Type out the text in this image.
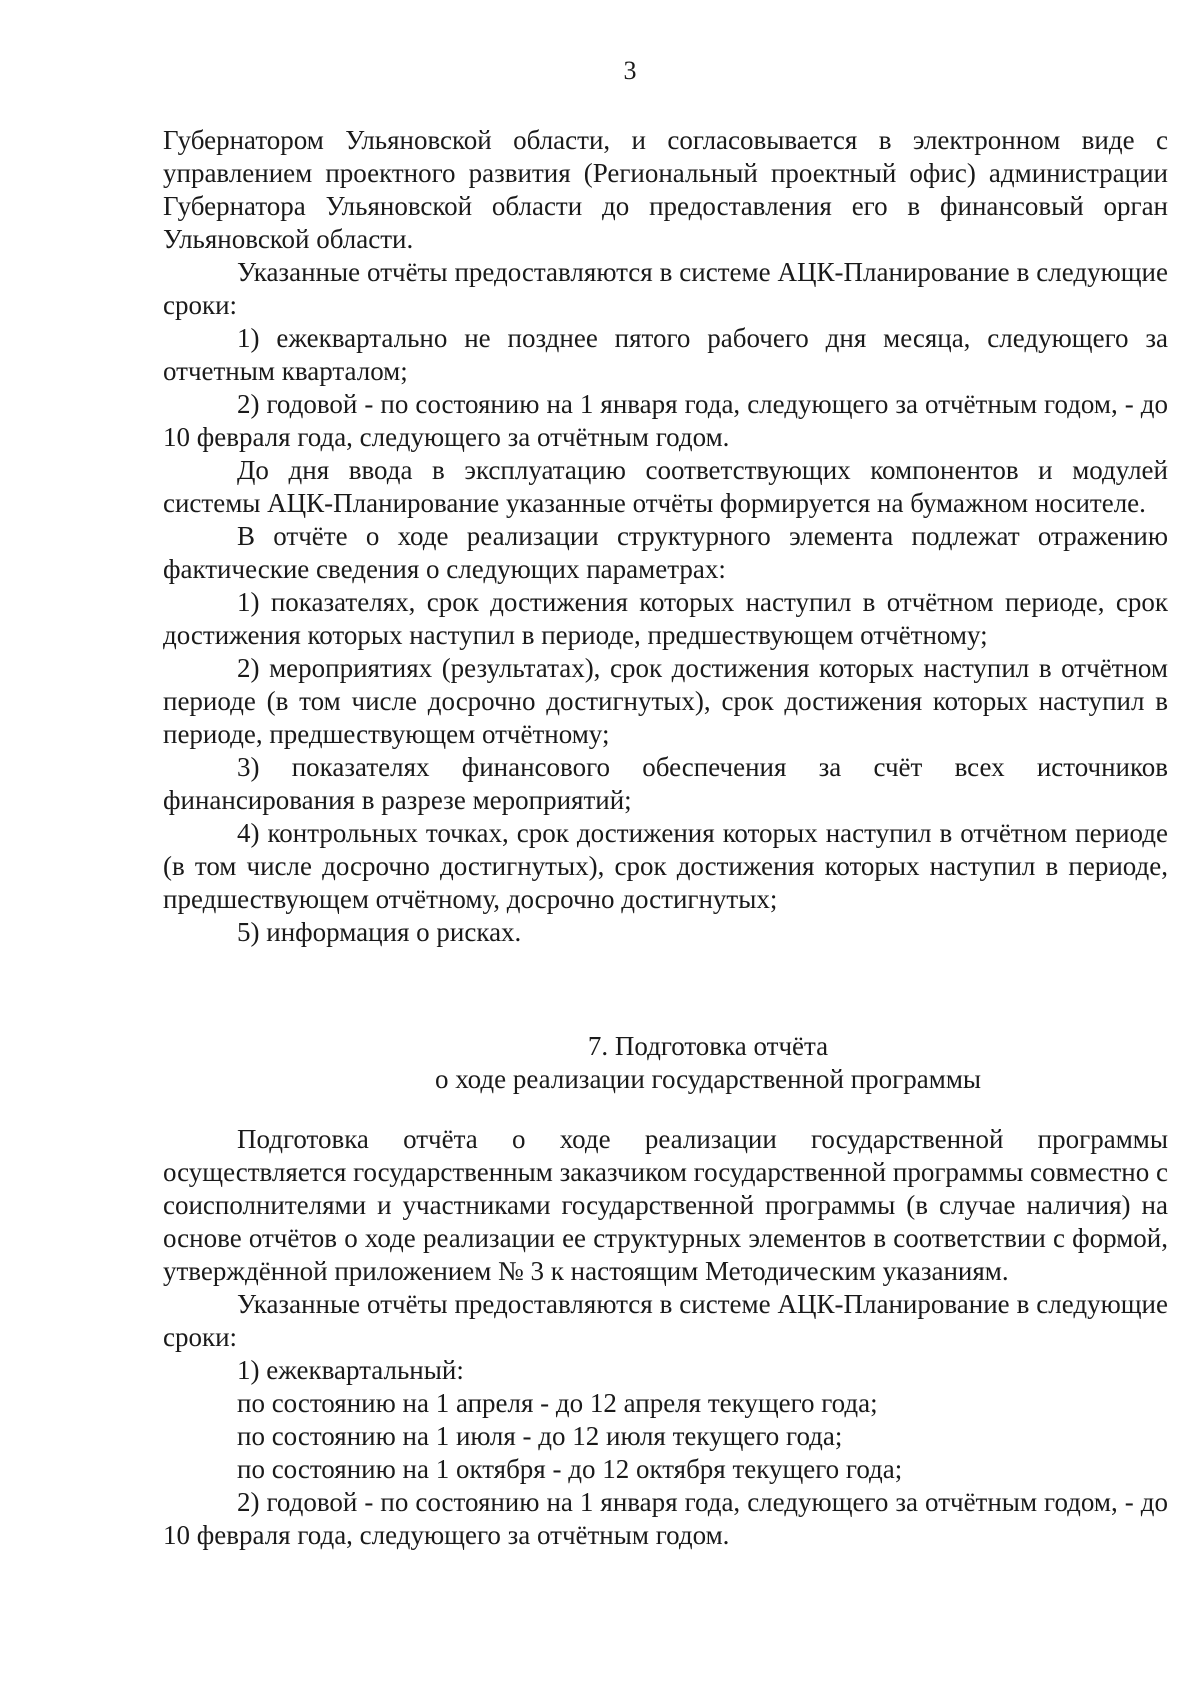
3

Губернатором Ульяновской области, и согласовывается в электронном виде с управлением проектного развития (Региональный проектный офис) администрации Губернатора Ульяновской области до предоставления его в финансовый орган Ульяновской области.

Указанные отчёты предоставляются в системе АЦК-Планирование в следующие сроки:

1) ежеквартально не позднее пятого рабочего дня месяца, следующего за отчетным кварталом;

2) годовой - по состоянию на 1 января года, следующего за отчётным годом, - до 10 февраля года, следующего за отчётным годом.

До дня ввода в эксплуатацию соответствующих компонентов и модулей системы АЦК-Планирование указанные отчёты формируется на бумажном носителе.

В отчёте о ходе реализации структурного элемента подлежат отражению фактические сведения о следующих параметрах:

1) показателях, срок достижения которых наступил в отчётном периоде, срок достижения которых наступил в периоде, предшествующем отчётному;

2) мероприятиях (результатах), срок достижения которых наступил в отчётном периоде (в том числе досрочно достигнутых), срок достижения которых наступил в периоде, предшествующем отчётному;

3) показателях финансового обеспечения за счёт всех источников финансирования в разрезе мероприятий;

4) контрольных точках, срок достижения которых наступил в отчётном периоде (в том числе досрочно достигнутых), срок достижения которых наступил в периоде, предшествующем отчётному, досрочно достигнутых;

5) информация о рисках.

7. Подготовка отчёта
о ходе реализации государственной программы

Подготовка отчёта о ходе реализации государственной программы осуществляется государственным заказчиком государственной программы совместно с соисполнителями и участниками государственной программы (в случае наличия) на основе отчётов о ходе реализации ее структурных элементов в соответствии с формой, утверждённой приложением № 3 к настоящим Методическим указаниям.

Указанные отчёты предоставляются в системе АЦК-Планирование в следующие сроки:

1) ежеквартальный:

по состоянию на 1 апреля - до 12 апреля текущего года;

по состоянию на 1 июля - до 12 июля текущего года;

по состоянию на 1 октября - до 12 октября текущего года;

2) годовой - по состоянию на 1 января года, следующего за отчётным годом, - до 10 февраля года, следующего за отчётным годом.
